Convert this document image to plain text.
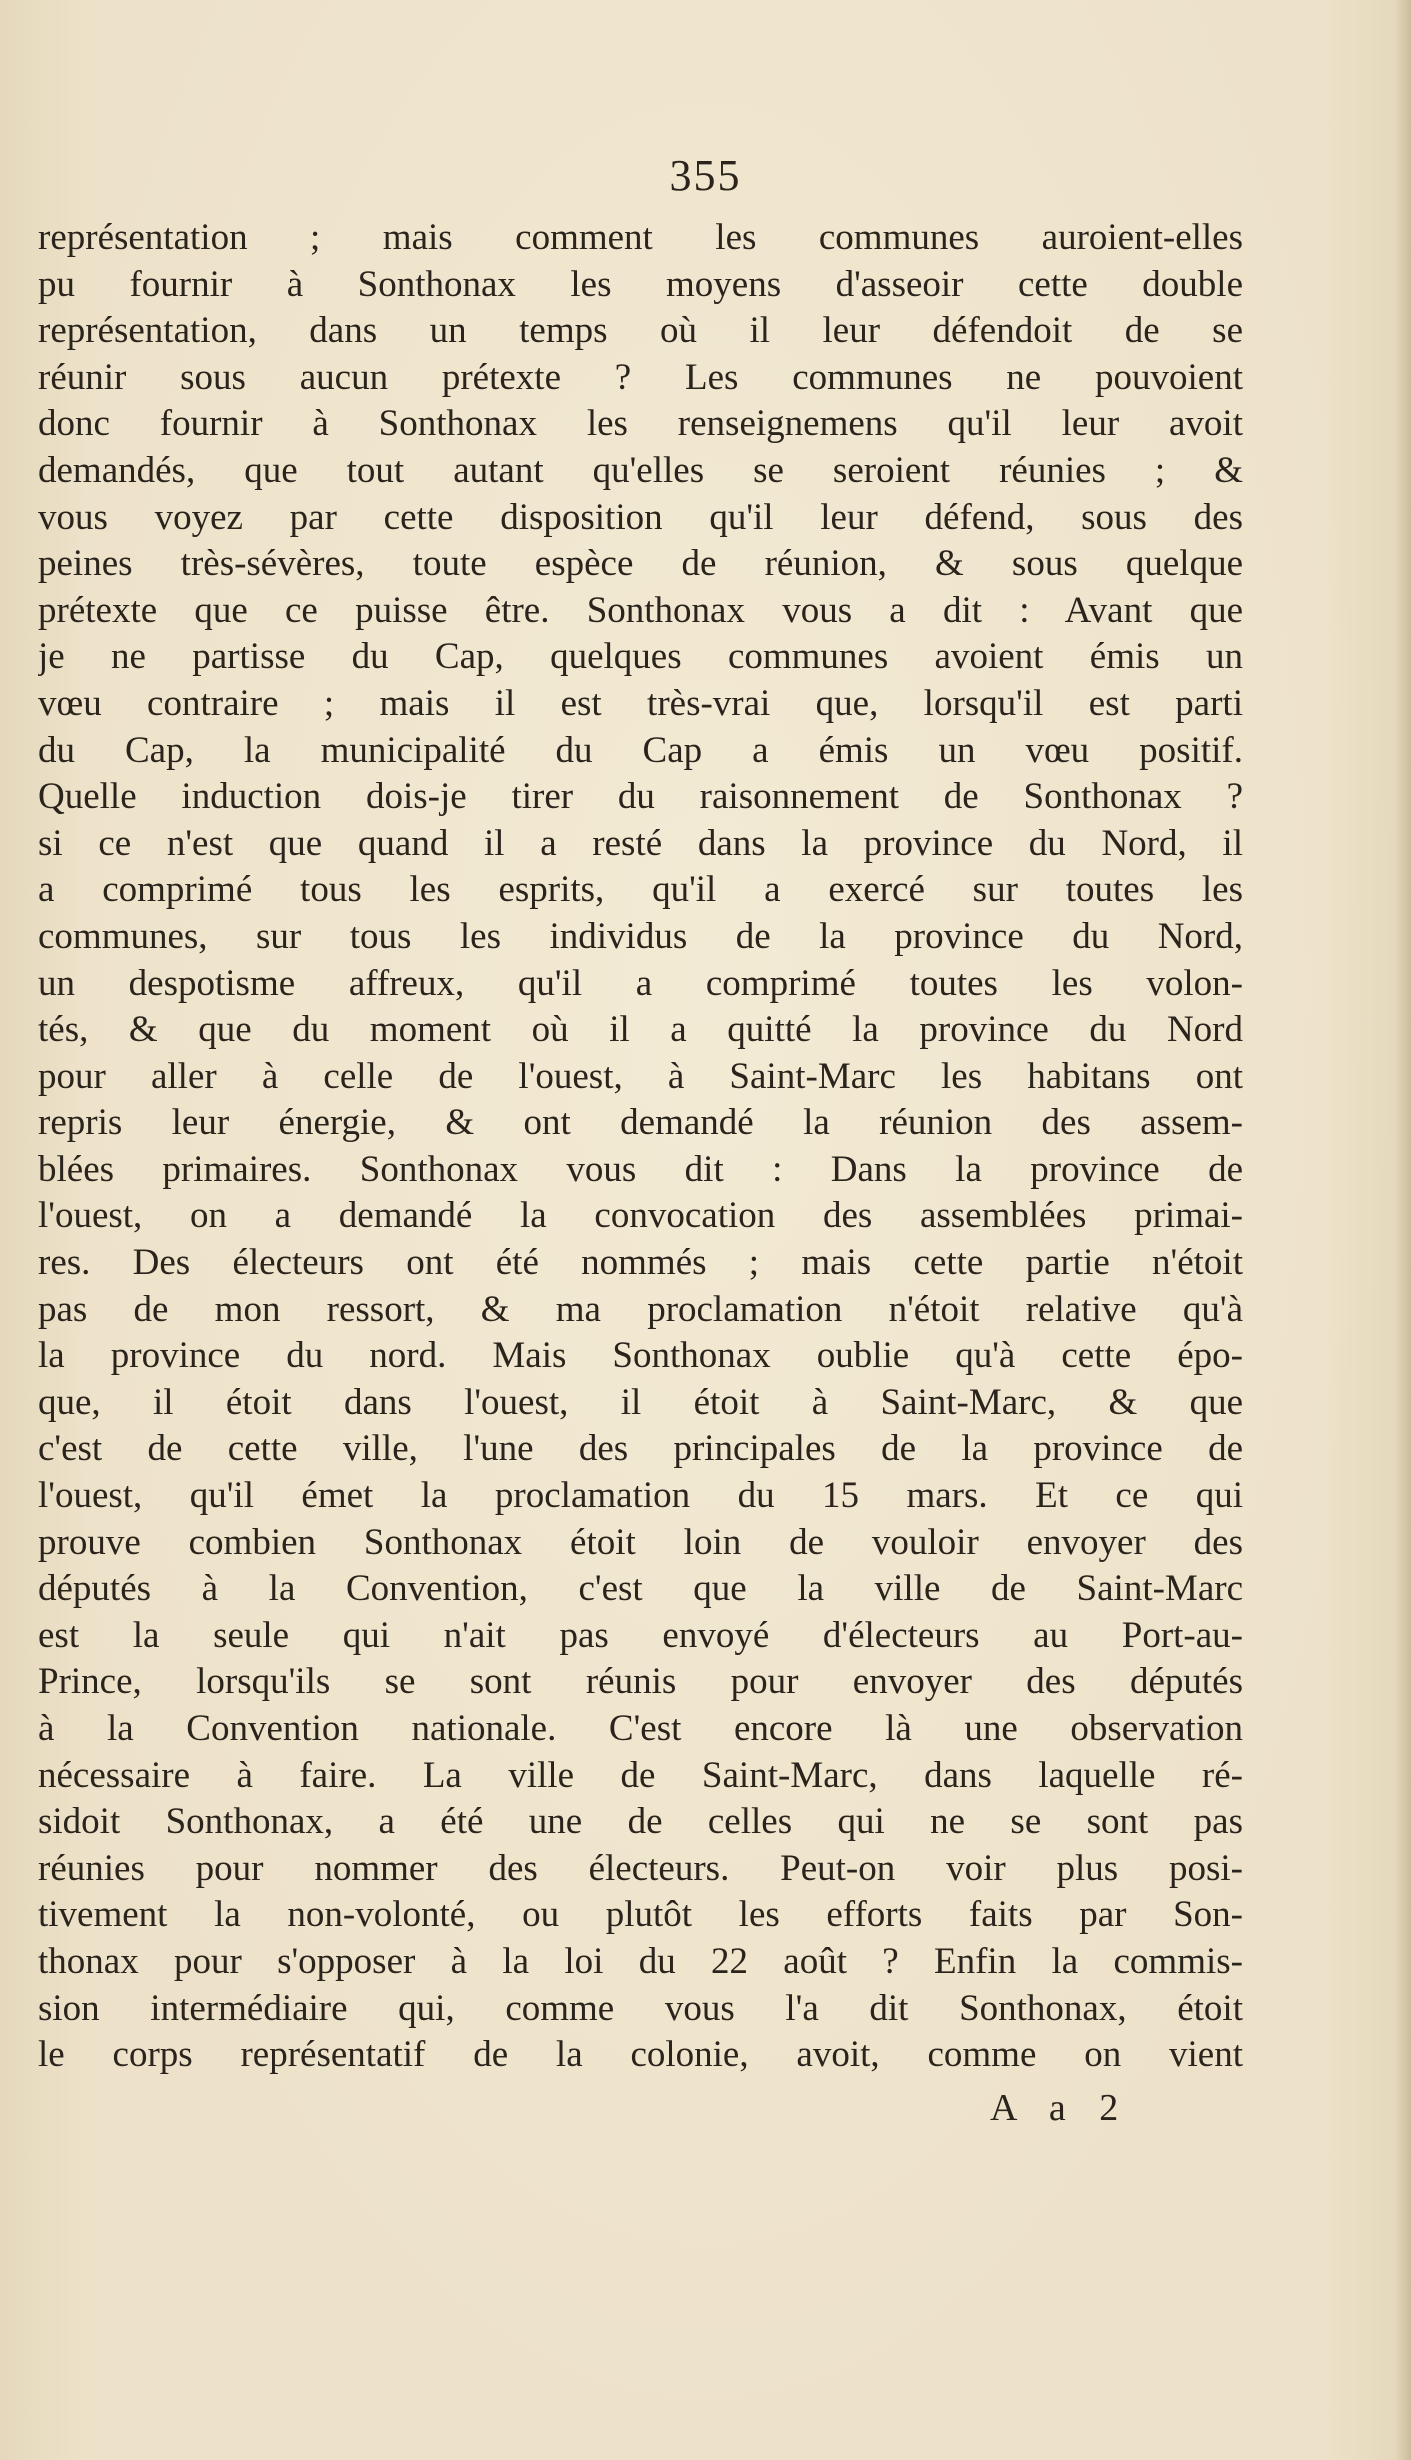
355
représentation ; mais comment les communes auroient-elles
pu fournir à Sonthonax les moyens d'asseoir cette double
représentation, dans un temps où il leur défendoit de se
réunir sous aucun prétexte ? Les communes ne pouvoient
donc fournir à Sonthonax les renseignemens qu'il leur avoit
demandés, que tout autant qu'elles se seroient réunies ; &
vous voyez par cette disposition qu'il leur défend, sous des
peines très-sévères, toute espèce de réunion, & sous quelque
prétexte que ce puisse être. Sonthonax vous a dit : Avant que
je ne partisse du Cap, quelques communes avoient émis un
vœu contraire ; mais il est très-vrai que, lorsqu'il est parti
du Cap, la municipalité du Cap a émis un vœu positif.
Quelle induction dois-je tirer du raisonnement de Sonthonax ?
si ce n'est que quand il a resté dans la province du Nord, il
a comprimé tous les esprits, qu'il a exercé sur toutes les
communes, sur tous les individus de la province du Nord,
un despotisme affreux, qu'il a comprimé toutes les volon-
tés, & que du moment où il a quitté la province du Nord
pour aller à celle de l'ouest, à Saint-Marc les habitans ont
repris leur énergie, & ont demandé la réunion des assem-
blées primaires. Sonthonax vous dit : Dans la province de
l'ouest, on a demandé la convocation des assemblées primai-
res. Des électeurs ont été nommés ; mais cette partie n'étoit
pas de mon ressort, & ma proclamation n'étoit relative qu'à
la province du nord. Mais Sonthonax oublie qu'à cette épo-
que, il étoit dans l'ouest, il étoit à Saint-Marc, & que
c'est de cette ville, l'une des principales de la province de
l'ouest, qu'il émet la proclamation du 15 mars. Et ce qui
prouve combien Sonthonax étoit loin de vouloir envoyer des
députés à la Convention, c'est que la ville de Saint-Marc
est la seule qui n'ait pas envoyé d'électeurs au Port-au-
Prince, lorsqu'ils se sont réunis pour envoyer des députés
à la Convention nationale. C'est encore là une observation
nécessaire à faire. La ville de Saint-Marc, dans laquelle ré-
sidoit Sonthonax, a été une de celles qui ne se sont pas
réunies pour nommer des électeurs. Peut-on voir plus posi-
tivement la non-volonté, ou plutôt les efforts faits par Son-
thonax pour s'opposer à la loi du 22 août ? Enfin la commis-
sion intermédiaire qui, comme vous l'a dit Sonthonax, étoit
le corps représentatif de la colonie, avoit, comme on vient
A a 2
